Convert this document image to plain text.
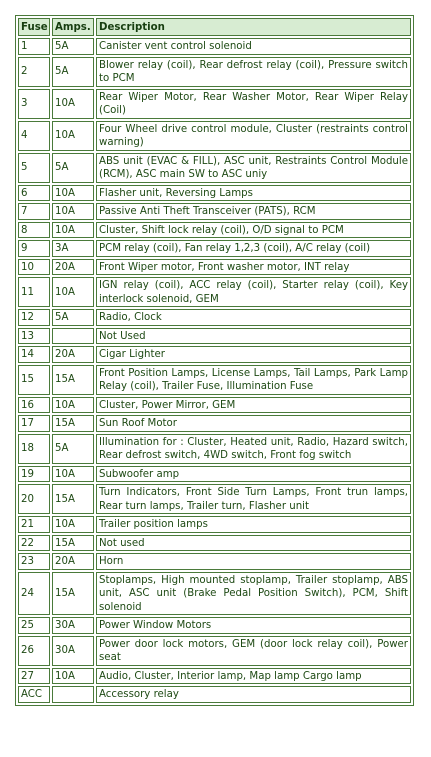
Fuse	Amps.	Description
1	5A	Canister vent control solenoid
2	5A	Blower relay (coil), Rear defrost relay (coil), Pressure switch to PCM
3	10A	Rear Wiper Motor, Rear Washer Motor, Rear Wiper Relay (Coil)
4	10A	Four Wheel drive control module, Cluster (restraints control warning)
5	5A	ABS unit (EVAC & FILL), ASC unit, Restraints Control Module (RCM), ASC main SW to ASC uniy
6	10A	Flasher unit, Reversing Lamps
7	10A	Passive Anti Theft Transceiver (PATS), RCM
8	10A	Cluster, Shift lock relay (coil), O/D signal to PCM
9	3A	PCM relay (coil), Fan relay 1,2,3 (coil), A/C relay (coil)
10	20A	Front Wiper motor, Front washer motor, INT relay
11	10A	IGN relay (coil), ACC relay (coil), Starter relay (coil), Key interlock solenoid, GEM
12	5A	Radio, Clock
13		Not Used
14	20A	Cigar Lighter
15	15A	Front Position Lamps, License Lamps, Tail Lamps, Park Lamp Relay (coil), Trailer Fuse, Illumination Fuse
16	10A	Cluster, Power Mirror, GEM
17	15A	Sun Roof Motor
18	5A	Illumination for : Cluster, Heated unit, Radio, Hazard switch, Rear defrost switch, 4WD switch, Front fog switch
19	10A	Subwoofer amp
20	15A	Turn Indicators, Front Side Turn Lamps, Front trun lamps, Rear turn lamps, Trailer turn, Flasher unit
21	10A	Trailer position lamps
22	15A	Not used
23	20A	Horn
24	15A	Stoplamps, High mounted stoplamp, Trailer stoplamp, ABS unit, ASC unit (Brake Pedal Position Switch), PCM, Shift solenoid
25	30A	Power Window Motors
26	30A	Power door lock motors, GEM (door lock relay coil), Power seat
27	10A	Audio, Cluster, Interior lamp, Map lamp Cargo lamp
ACC		Accessory relay
